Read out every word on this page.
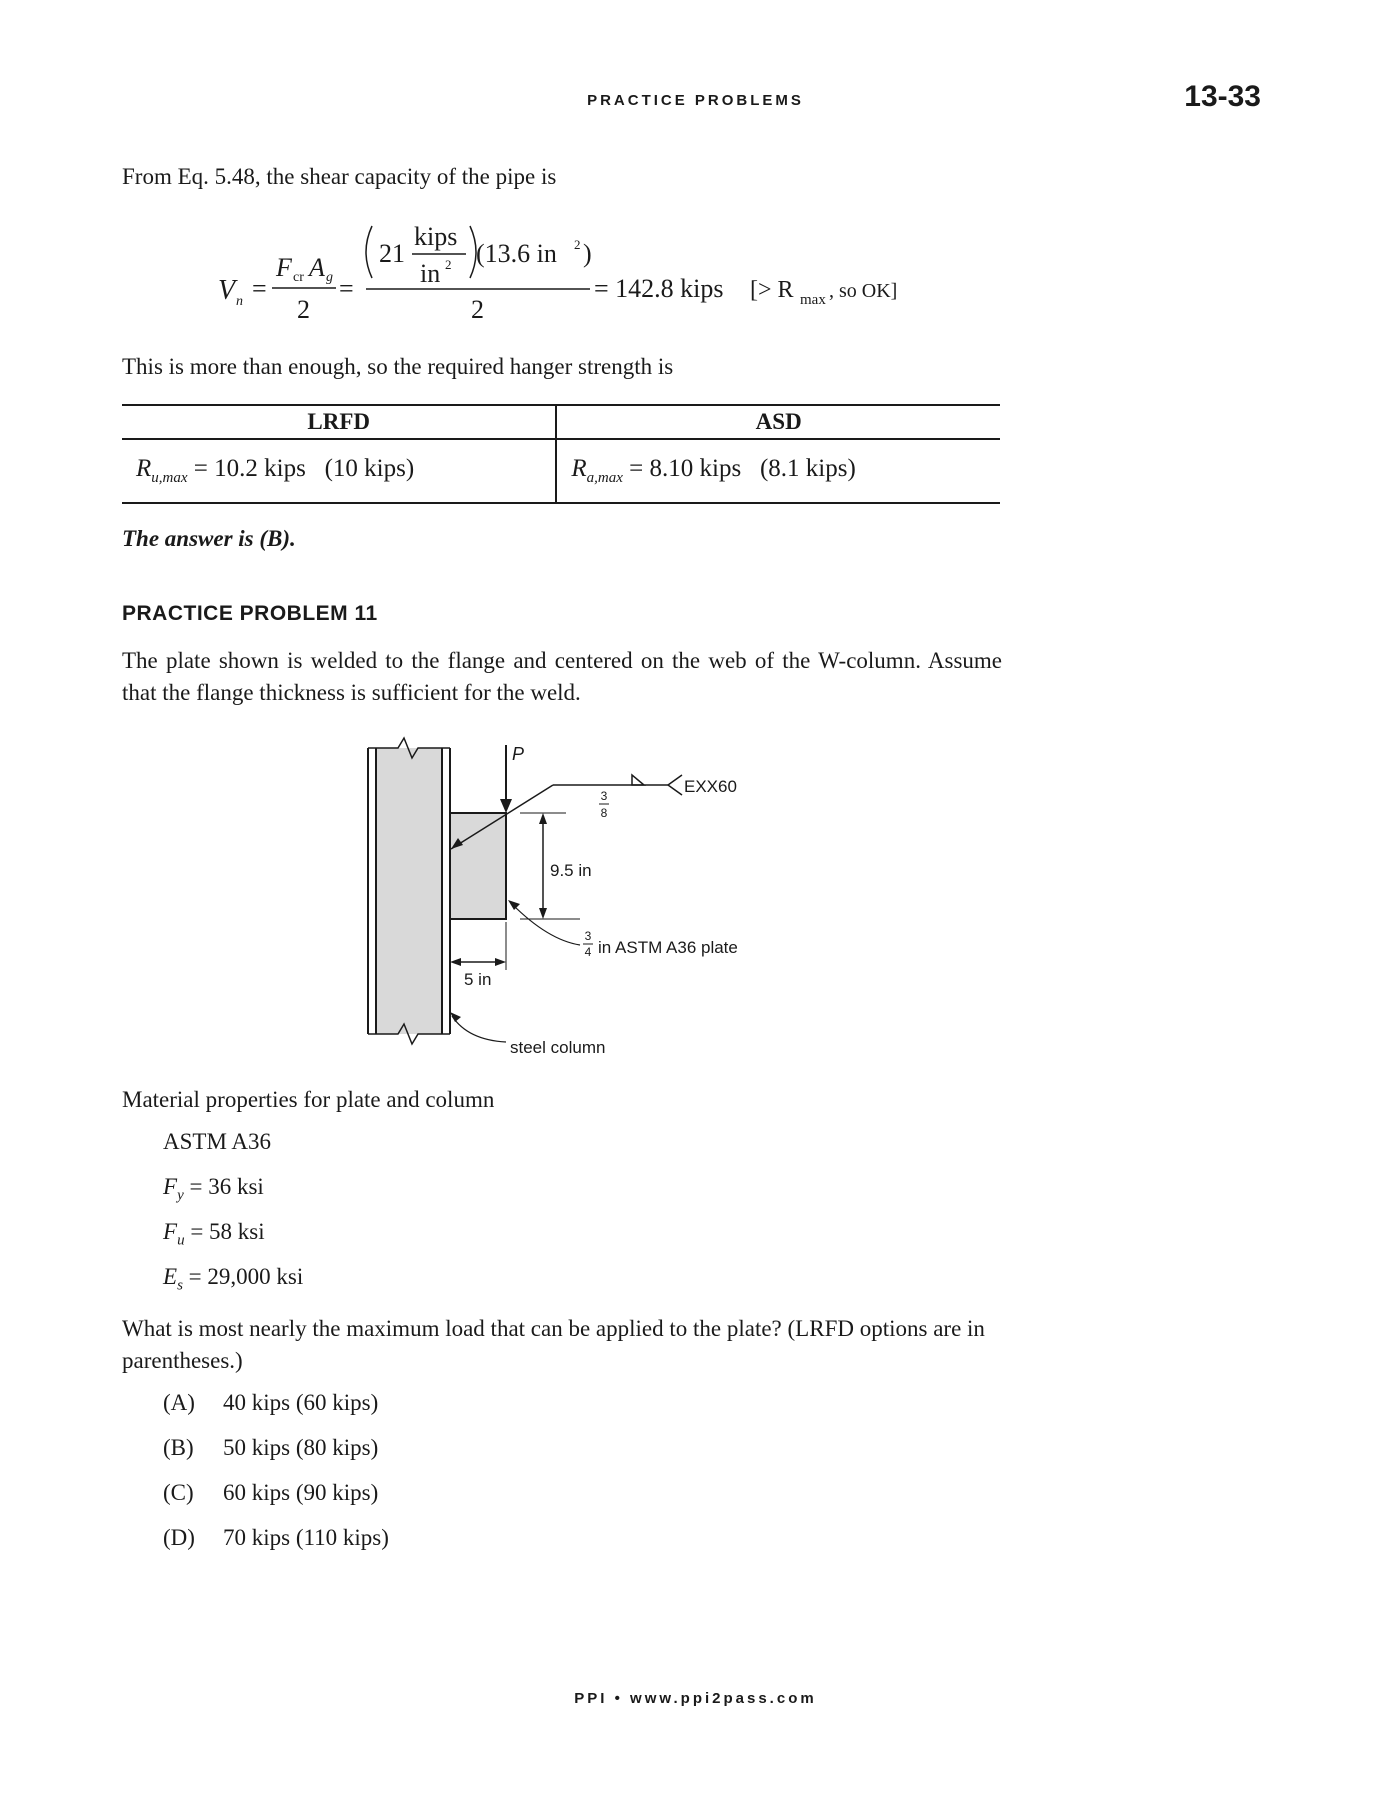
PRACTICE PROBLEMS	13-33
From Eq. 5.48, the shear capacity of the pipe is
V n =
F cr A g
2
=
21
kips
in 2 (13.6 in 2 )
2
= 142.8 kips [> R max , so OK]
This is more than enough, so the required hanger strength is
LRFD	ASD
$R_{u,max} = 10.2$ kips (10 kips)	$R_{a,max} = 8.10$ kips (8.1 kips)
The answer is (B).
PRACTICE PROBLEM 11
The plate shown is welded to the flange and centered on the web of the W-column. Assume that the flange thickness is sufficient for the weld.
P
EXX60
3
8
9.5 in
3
4 in ASTM A36 plate
5 in
steel column
Material properties for plate and column
ASTM A36
$F_y = 36$ ksi
$F_u = 58$ ksi
$E_s = 29,000$ ksi
What is most nearly the maximum load that can be applied to the plate? (LRFD options are in parentheses.)
(A) 40 kips (60 kips)
(B) 50 kips (80 kips)
(C) 60 kips (90 kips)
(D) 70 kips (110 kips)
PPI • www.ppi2pass.com
